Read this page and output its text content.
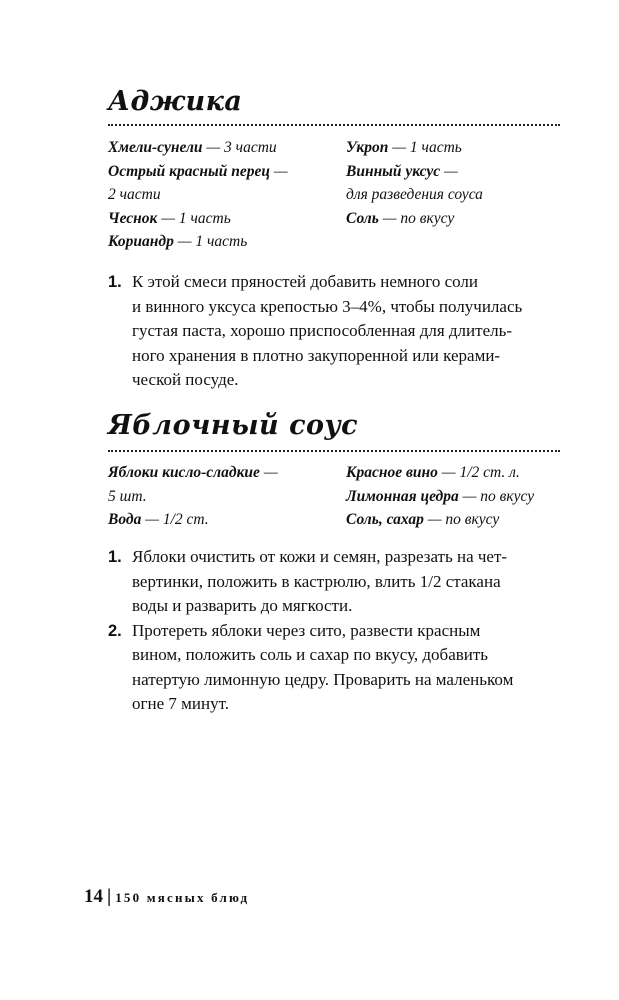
Аджика
Хмели-сунели — 3 части
Острый красный перец —
2 части
Чеснок — 1 часть
Кориандр — 1 часть
Укроп — 1 часть
Винный уксус —
для разведения соуса
Соль — по вкусу
1. К этой смеси пряностей добавить немного соли
и винного уксуса крепостью 3–4%, чтобы получилась
густая паста, хорошо приспособленная для длитель-
ного хранения в плотно закупоренной или керами-
ческой посуде.
Яблочный соус
Яблоки кисло-сладкие —
5 шт.
Вода — 1/2 ст.
Красное вино — 1/2 ст. л.
Лимонная цедра — по вкусу
Соль, сахар — по вкусу
1. Яблоки очистить от кожи и семян, разрезать на чет-
вертинки, положить в кастрюлю, влить 1/2 стакана
воды и разварить до мягкости.
2. Протереть яблоки через сито, развести красным
вином, положить соль и сахар по вкусу, добавить
натертую лимонную цедру. Проварить на маленьком
огне 7 минут.
14 | 150 мясных блюд
